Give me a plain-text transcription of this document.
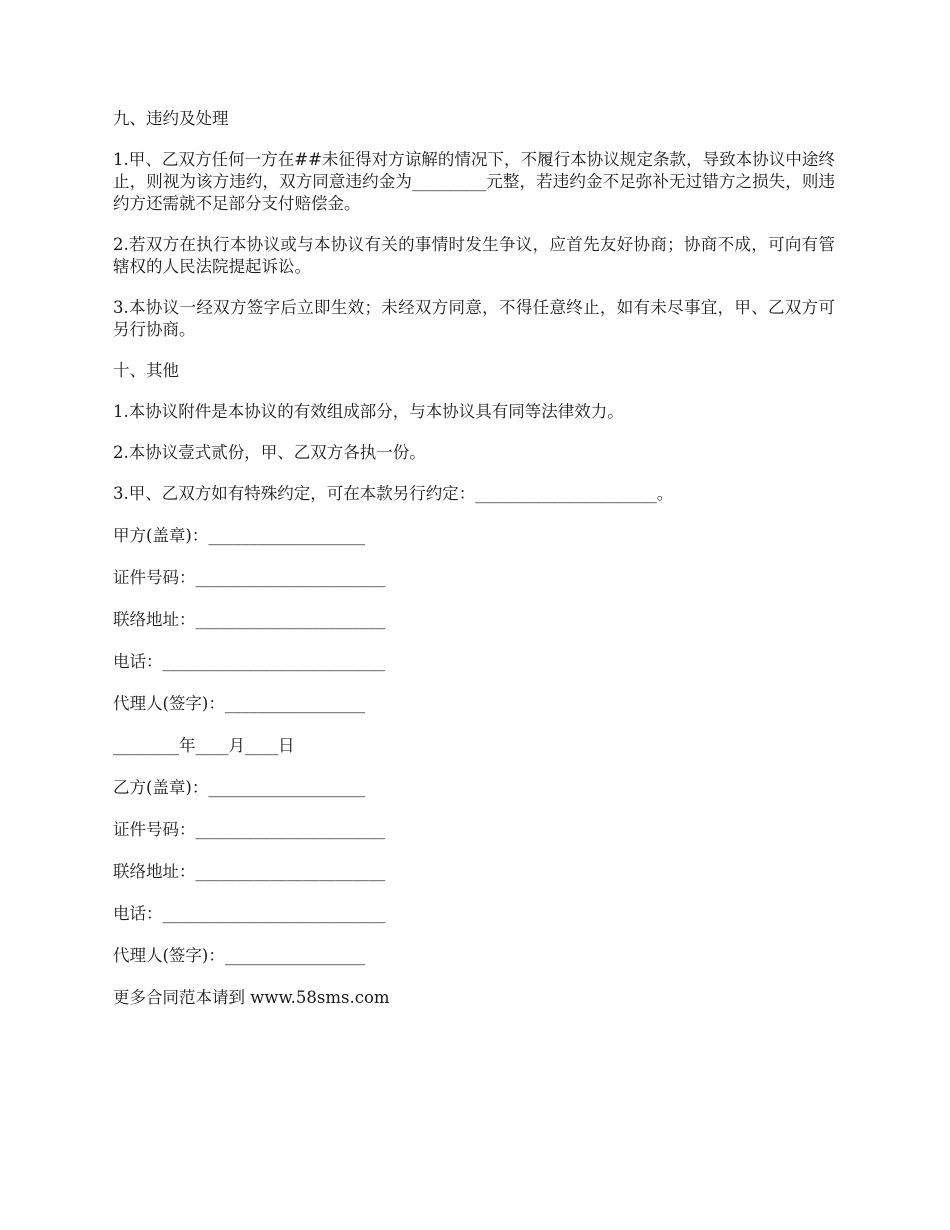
九、违约及处理

1.甲、乙双方任何一方在##未征得对方谅解的情况下，不履行本协议规定条款，导致本协议中途终止，则视为该方违约，双方同意违约金为_________元整，若违约金不足弥补无过错方之损失，则违约方还需就不足部分支付赔偿金。

2.若双方在执行本协议或与本协议有关的事情时发生争议，应首先友好协商；协商不成，可向有管辖权的人民法院提起诉讼。

3.本协议一经双方签字后立即生效；未经双方同意，不得任意终止，如有未尽事宜，甲、乙双方可另行协商。

十、其他

1.本协议附件是本协议的有效组成部分，与本协议具有同等法律效力。

2.本协议壹式贰份，甲、乙双方各执一份。

3.甲、乙双方如有特殊约定，可在本款另行约定：______________________。

甲方(盖章)：___________________

证件号码：_______________________

联络地址：_______________________

电话：___________________________

代理人(签字)：_________________

________年____月____日

乙方(盖章)：___________________

证件号码：_______________________

联络地址：_______________________

电话：___________________________

代理人(签字)：_________________

更多合同范本请到 www.58sms.com
